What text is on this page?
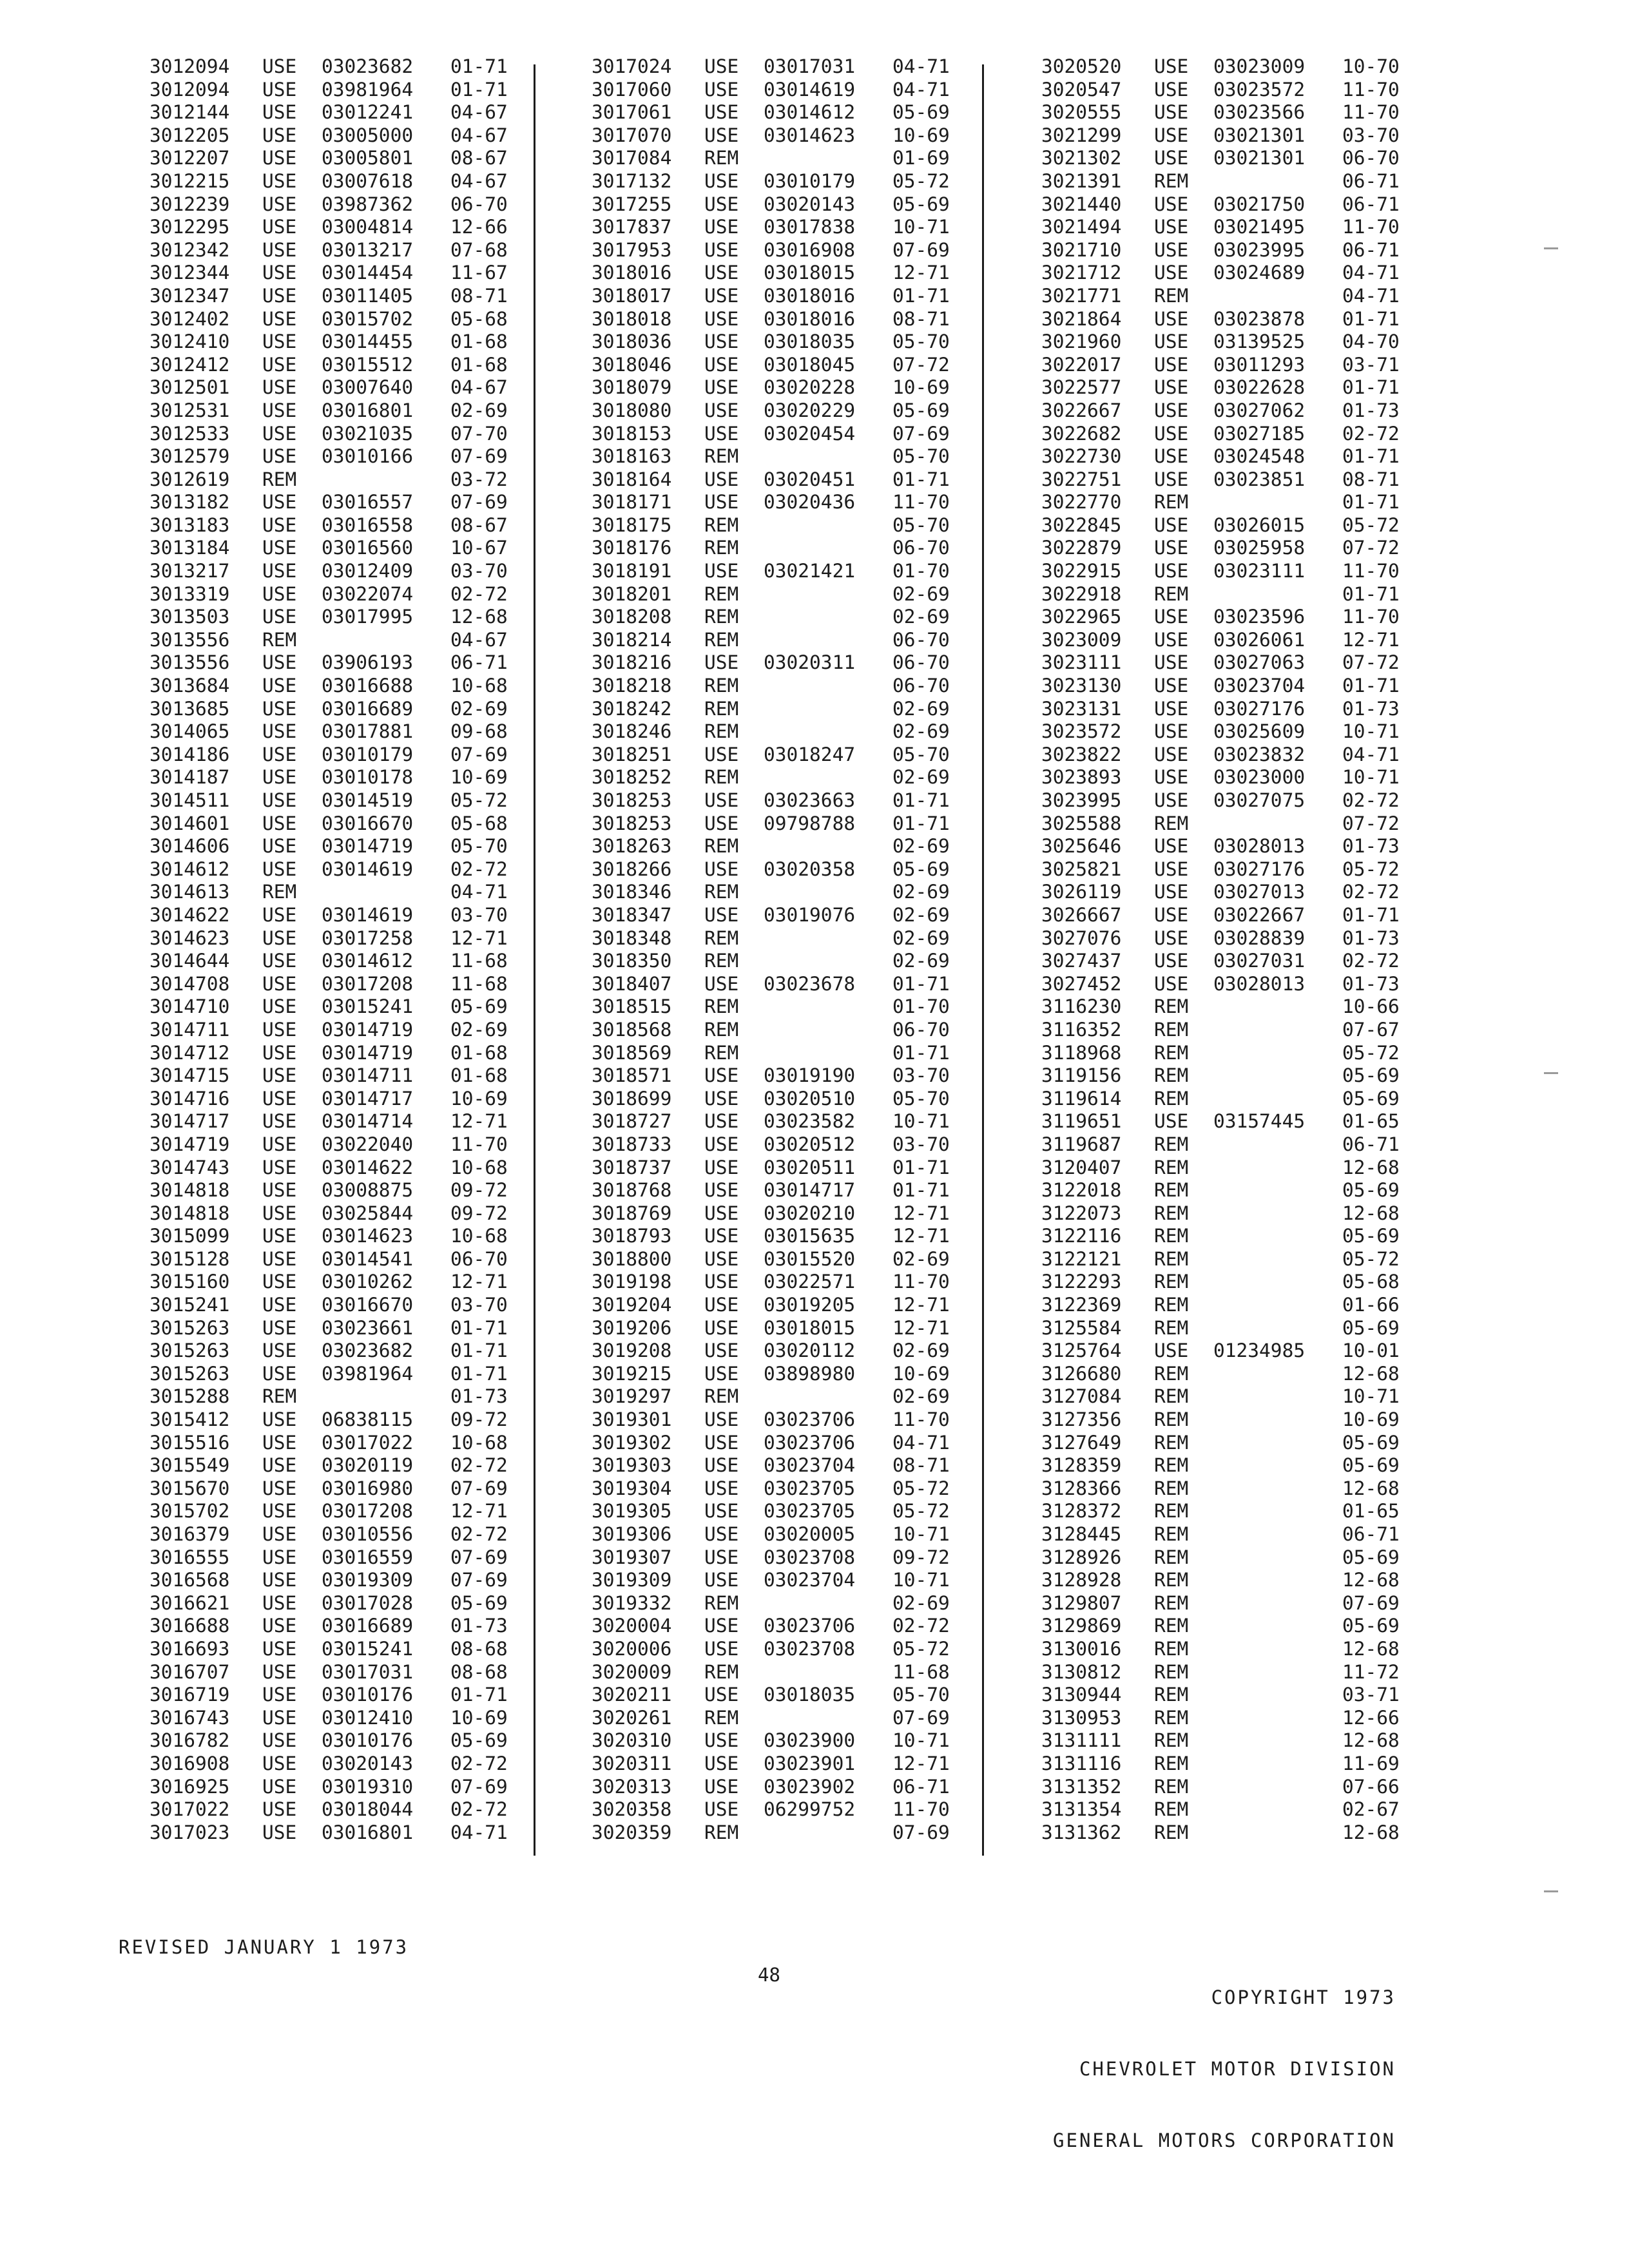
3012094 USE 03023682 01-71
3012094 USE 03981964 01-71
3012144 USE 03012241 04-67
3012205 USE 03005000 04-67
3012207 USE 03005801 08-67
3012215 USE 03007618 04-67
3012239 USE 03987362 06-70
3012295 USE 03004814 12-66
3012342 USE 03013217 07-68
3012344 USE 03014454 11-67
3012347 USE 03011405 08-71
3012402 USE 03015702 05-68
3012410 USE 03014455 01-68
3012412 USE 03015512 01-68
3012501 USE 03007640 04-67
3012531 USE 03016801 02-69
3012533 USE 03021035 07-70
3012579 USE 03010166 07-69
3012619 REM	03-72
3013182 USE 03016557 07-69
3013183 USE 03016558 08-67
3013184 USE 03016560 10-67
3013217 USE 03012409 03-70
3013319 USE 03022074 02-72
3013503 USE 03017995 12-68
3013556 REM	04-67
3013556 USE 03906193 06-71
3013684 USE 03016688 10-68
3013685 USE 03016689 02-69
3014065 USE 03017881 09-68
3014186 USE 03010179 07-69
3014187 USE 03010178 10-69
3014511 USE 03014519 05-72
3014601 USE 03016670 05-68
3014606 USE 03014719 05-70
3014612 USE 03014619 02-72
3014613 REM	04-71
3014622 USE 03014619 03-70
3014623 USE 03017258 12-71
3014644 USE 03014612 11-68
3014708 USE 03017208 11-68
3014710 USE 03015241 05-69
3014711 USE 03014719 02-69
3014712 USE 03014719 01-68
3014715 USE 03014711 01-68
3014716 USE 03014717 10-69
3014717 USE 03014714 12-71
3014719 USE 03022040 11-70
3014743 USE 03014622 10-68
3014818 USE 03008875 09-72
3014818 USE 03025844 09-72
3015099 USE 03014623 10-68
3015128 USE 03014541 06-70
3015160 USE 03010262 12-71
3015241 USE 03016670 03-70
3015263 USE 03023661 01-71
3015263 USE 03023682 01-71
3015263 USE 03981964 01-71
3015288 REM	01-73
3015412 USE 06838115 09-72
3015516 USE 03017022 10-68
3015549 USE 03020119 02-72
3015670 USE 03016980 07-69
3015702 USE 03017208 12-71
3016379 USE 03010556 02-72
3016555 USE 03016559 07-69
3016568 USE 03019309 07-69
3016621 USE 03017028 05-69
3016688 USE 03016689 01-73
3016693 USE 03015241 08-68
3016707 USE 03017031 08-68
3016719 USE 03010176 01-71
3016743 USE 03012410 10-69
3016782 USE 03010176 05-69
3016908 USE 03020143 02-72
3016925 USE 03019310 07-69
3017022 USE 03018044 02-72
3017023 USE 03016801 04-71
3017024 USE 03017031 04-71
3017060 USE 03014619 04-71
3017061 USE 03014612 05-69
3017070 USE 03014623 10-69
3017084 REM	01-69
3017132 USE 03010179 05-72
3017255 USE 03020143 05-69
3017837 USE 03017838 10-71
3017953 USE 03016908 07-69
3018016 USE 03018015 12-71
3018017 USE 03018016 01-71
3018018 USE 03018016 08-71
3018036 USE 03018035 05-70
3018046 USE 03018045 07-72
3018079 USE 03020228 10-69
3018080 USE 03020229 05-69
3018153 USE 03020454 07-69
3018163 REM	05-70
3018164 USE 03020451 01-71
3018171 USE 03020436 11-70
3018175 REM	05-70
3018176 REM	06-70
3018191 USE 03021421 01-70
3018201 REM	02-69
3018208 REM	02-69
3018214 REM	06-70
3018216 USE 03020311 06-70
3018218 REM	06-70
3018242 REM	02-69
3018246 REM	02-69
3018251 USE 03018247 05-70
3018252 REM	02-69
3018253 USE 03023663 01-71
3018253 USE 09798788 01-71
3018263 REM	02-69
3018266 USE 03020358 05-69
3018346 REM	02-69
3018347 USE 03019076 02-69
3018348 REM	02-69
3018350 REM	02-69
3018407 USE 03023678 01-71
3018515 REM	01-70
3018568 REM	06-70
3018569 REM	01-71
3018571 USE 03019190 03-70
3018699 USE 03020510 05-70
3018727 USE 03023582 10-71
3018733 USE 03020512 03-70
3018737 USE 03020511 01-71
3018768 USE 03014717 01-71
3018769 USE 03020210 12-71
3018793 USE 03015635 12-71
3018800 USE 03015520 02-69
3019198 USE 03022571 11-70
3019204 USE 03019205 12-71
3019206 USE 03018015 12-71
3019208 USE 03020112 02-69
3019215 USE 03898980 10-69
3019297 REM	02-69
3019301 USE 03023706 11-70
3019302 USE 03023706 04-71
3019303 USE 03023704 08-71
3019304 USE 03023705 05-72
3019305 USE 03023705 05-72
3019306 USE 03020005 10-71
3019307 USE 03023708 09-72
3019309 USE 03023704 10-71
3019332 REM	02-69
3020004 USE 03023706 02-72
3020006 USE 03023708 05-72
3020009 REM	11-68
3020211 USE 03018035 05-70
3020261 REM	07-69
3020310 USE 03023900 10-71
3020311 USE 03023901 12-71
3020313 USE 03023902 06-71
3020358 USE 06299752 11-70
3020359 REM	07-69
3020520 USE 03023009 10-70
3020547 USE 03023572 11-70
3020555 USE 03023566 11-70
3021299 USE 03021301 03-70
3021302 USE 03021301 06-70
3021391 REM	06-71
3021440 USE 03021750 06-71
3021494 USE 03021495 11-70
3021710 USE 03023995 06-71
3021712 USE 03024689 04-71
3021771 REM	04-71
3021864 USE 03023878 01-71
3021960 USE 03139525 04-70
3022017 USE 03011293 03-71
3022577 USE 03022628 01-71
3022667 USE 03027062 01-73
3022682 USE 03027185 02-72
3022730 USE 03024548 01-71
3022751 USE 03023851 08-71
3022770 REM	01-71
3022845 USE 03026015 05-72
3022879 USE 03025958 07-72
3022915 USE 03023111 11-70
3022918 REM	01-71
3022965 USE 03023596 11-70
3023009 USE 03026061 12-71
3023111 USE 03027063 07-72
3023130 USE 03023704 01-71
3023131 USE 03027176 01-73
3023572 USE 03025609 10-71
3023822 USE 03023832 04-71
3023893 USE 03023000 10-71
3023995 USE 03027075 02-72
3025588 REM	07-72
3025646 USE 03028013 01-73
3025821 USE 03027176 05-72
3026119 USE 03027013 02-72
3026667 USE 03022667 01-71
3027076 USE 03028839 01-73
3027437 USE 03027031 02-72
3027452 USE 03028013 01-73
3116230 REM	10-66
3116352 REM	07-67
3118968 REM	05-72
3119156 REM	05-69
3119614 REM	05-69
3119651 USE 03157445 01-65
3119687 REM	06-71
3120407 REM	12-68
3122018 REM	05-69
3122073 REM	12-68
3122116 REM	05-69
3122121 REM	05-72
3122293 REM	05-68
3122369 REM	01-66
3125584 REM	05-69
3125764 USE 01234985 10-01
3126680 REM	12-68
3127084 REM	10-71
3127356 REM	10-69
3127649 REM	05-69
3128359 REM	05-69
3128366 REM	12-68
3128372 REM	01-65
3128445 REM	06-71
3128926 REM	05-69
3128928 REM	12-68
3129807 REM	07-69
3129869 REM	05-69
3130016 REM	12-68
3130812 REM	11-72
3130944 REM	03-71
3130953 REM	12-66
3131111 REM	12-68
3131116 REM	11-69
3131352 REM	07-66
3131354 REM	02-67
3131362 REM	12-68
REVISED JANUARY 1 1973
48

COPYRIGHT 1973

CHEVROLET MOTOR DIVISION

GENERAL MOTORS CORPORATION
